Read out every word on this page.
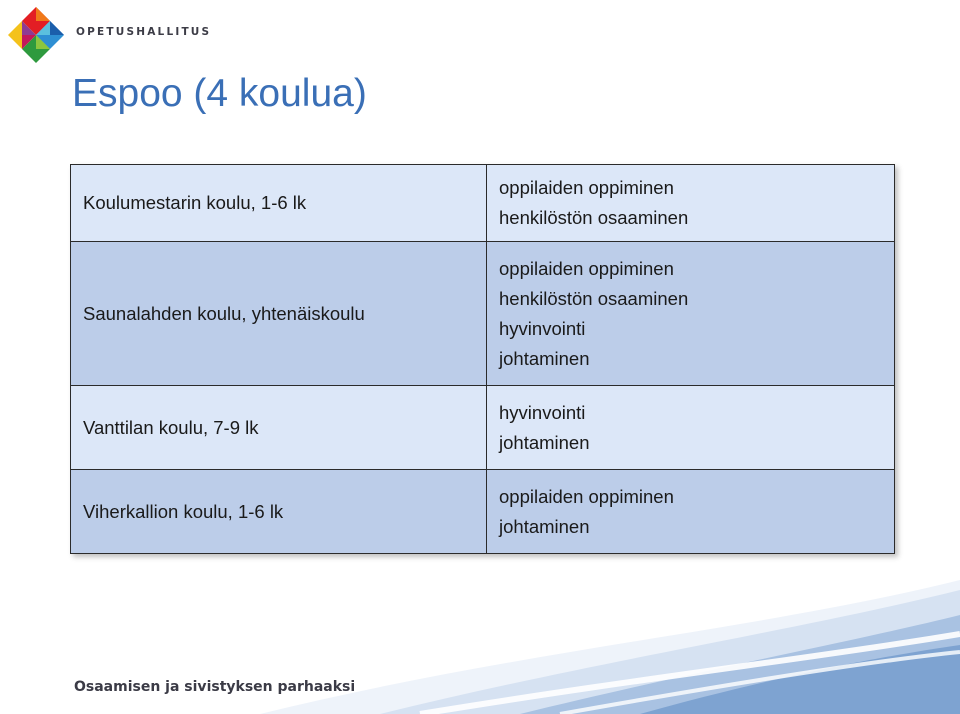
OPETUSHALLITUS
Espoo (4 koulua)
Koulumestarin koulu, 1-6 lk	oppilaiden oppiminen
henkilöstön osaaminen

Saunalahden koulu, yhtenäiskoulu	oppilaiden oppiminen
henkilöstön osaaminen
hyvinvointi
johtaminen

Vanttilan koulu, 7-9 lk	hyvinvointi
johtaminen

Viherkallion koulu, 1-6 lk	oppilaiden oppiminen
johtaminen
Osaamisen ja sivistyksen parhaaksi
